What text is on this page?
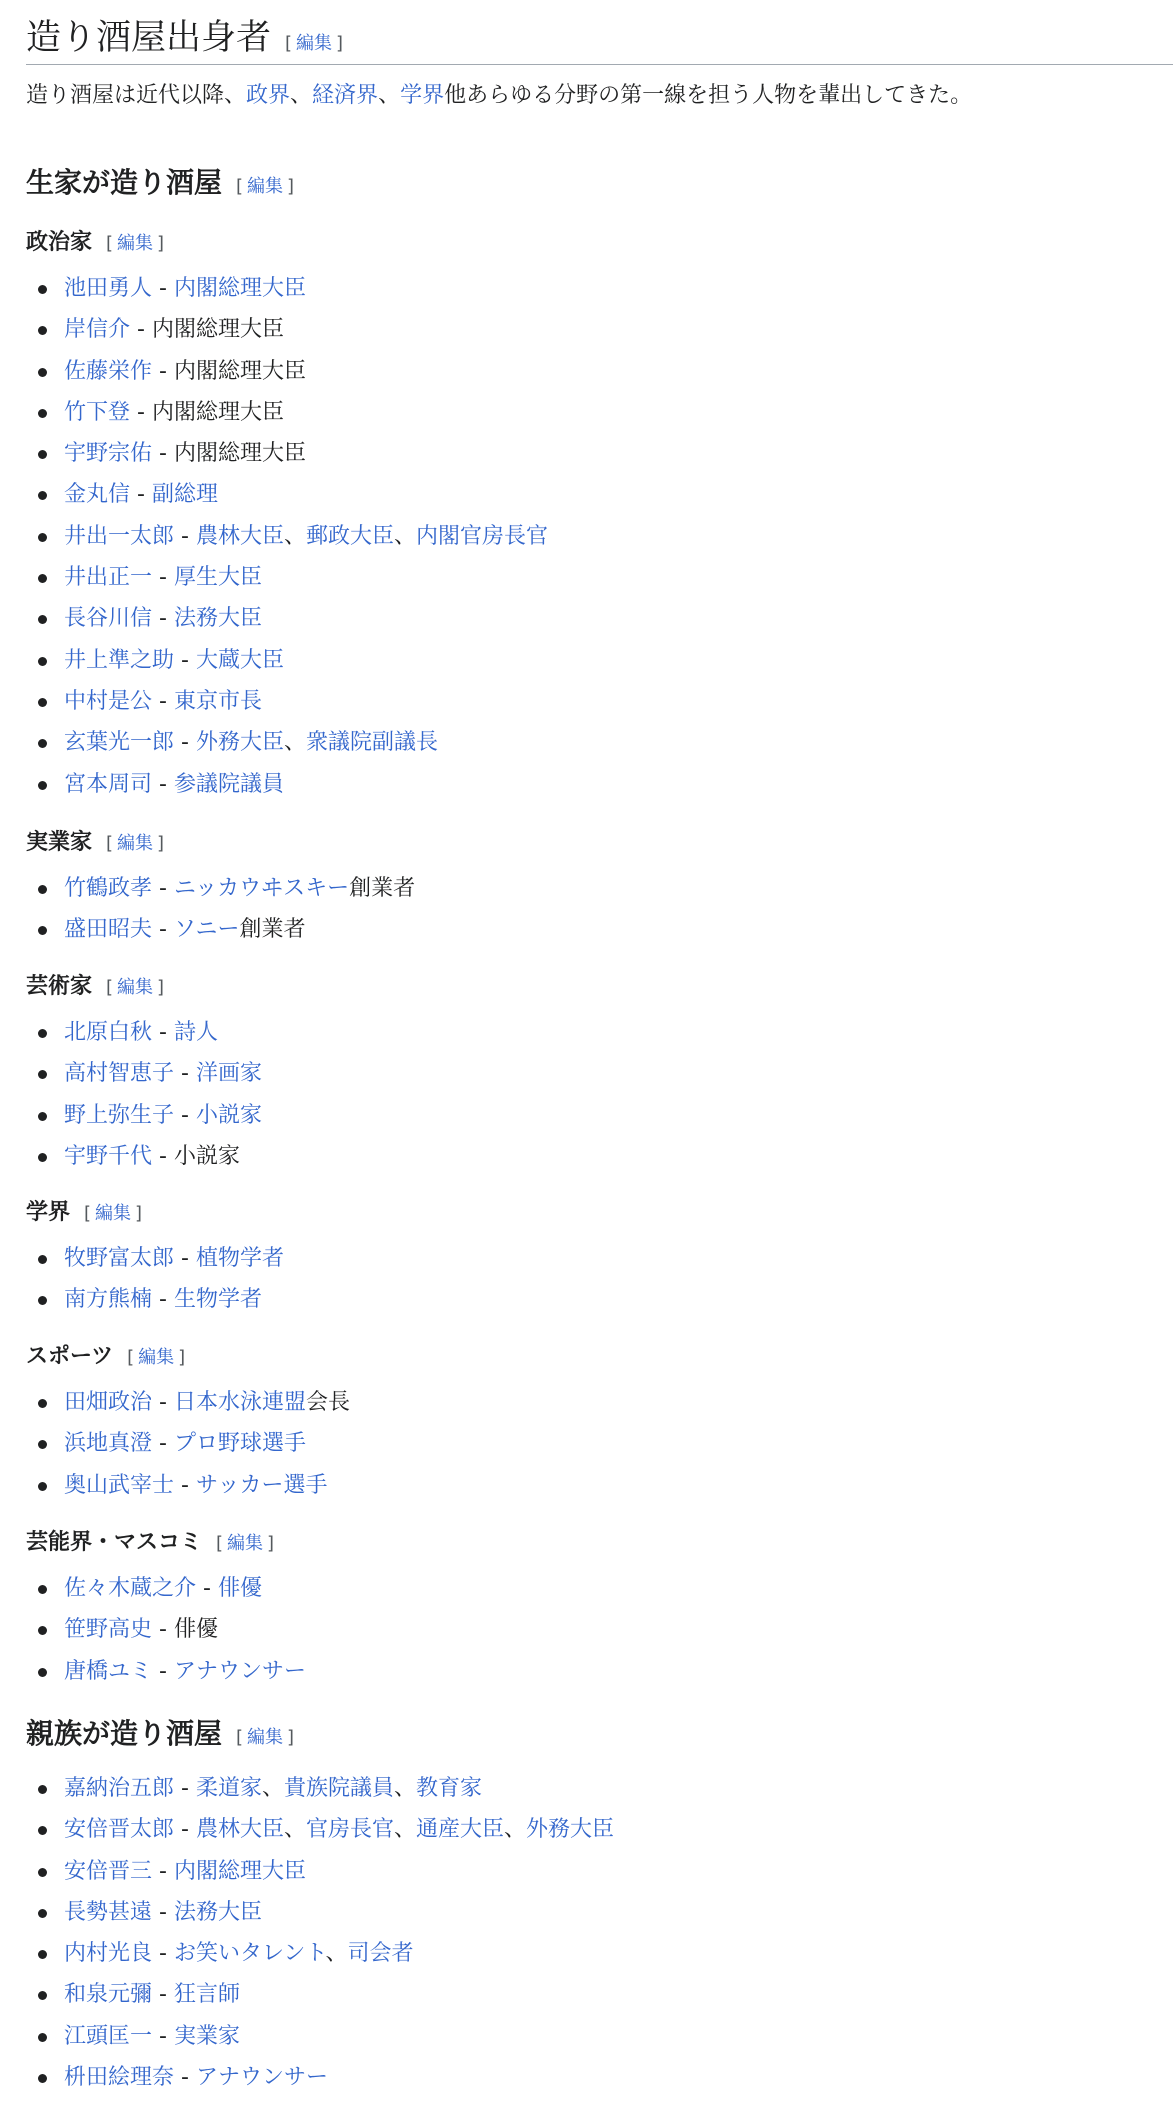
造り酒屋出身者 [ 編集 ]

造り酒屋は近代以降、政界、経済界、学界他あらゆる分野の第一線を担う人物を輩出してきた。

生家が造り酒屋 [ 編集 ]
政治家 [ 編集 ]
池田勇人 - 内閣総理大臣
岸信介 - 内閣総理大臣
佐藤栄作 - 内閣総理大臣
竹下登 - 内閣総理大臣
宇野宗佑 - 内閣総理大臣
金丸信 - 副総理
井出一太郎 - 農林大臣、郵政大臣、内閣官房長官
井出正一 - 厚生大臣
長谷川信 - 法務大臣
井上準之助 - 大蔵大臣
中村是公 - 東京市長
玄葉光一郎 - 外務大臣、衆議院副議長
宮本周司 - 参議院議員
実業家 [ 編集 ]
竹鶴政孝 - ニッカウヰスキー創業者
盛田昭夫 - ソニー創業者
芸術家 [ 編集 ]
北原白秋 - 詩人
高村智恵子 - 洋画家
野上弥生子 - 小説家
宇野千代 - 小説家
学界 [ 編集 ]
牧野富太郎 - 植物学者
南方熊楠 - 生物学者
スポーツ [ 編集 ]
田畑政治 - 日本水泳連盟会長
浜地真澄 - プロ野球選手
奥山武宰士 - サッカー選手
芸能界・マスコミ [ 編集 ]
佐々木蔵之介 - 俳優
笹野高史 - 俳優
唐橋ユミ - アナウンサー
親族が造り酒屋 [ 編集 ]
嘉納治五郎 - 柔道家、貴族院議員、教育家
安倍晋太郎 - 農林大臣、官房長官、通産大臣、外務大臣
安倍晋三 - 内閣総理大臣
長勢甚遠 - 法務大臣
内村光良 - お笑いタレント、司会者
和泉元彌 - 狂言師
江頭匡一 - 実業家
枡田絵理奈 - アナウンサー
